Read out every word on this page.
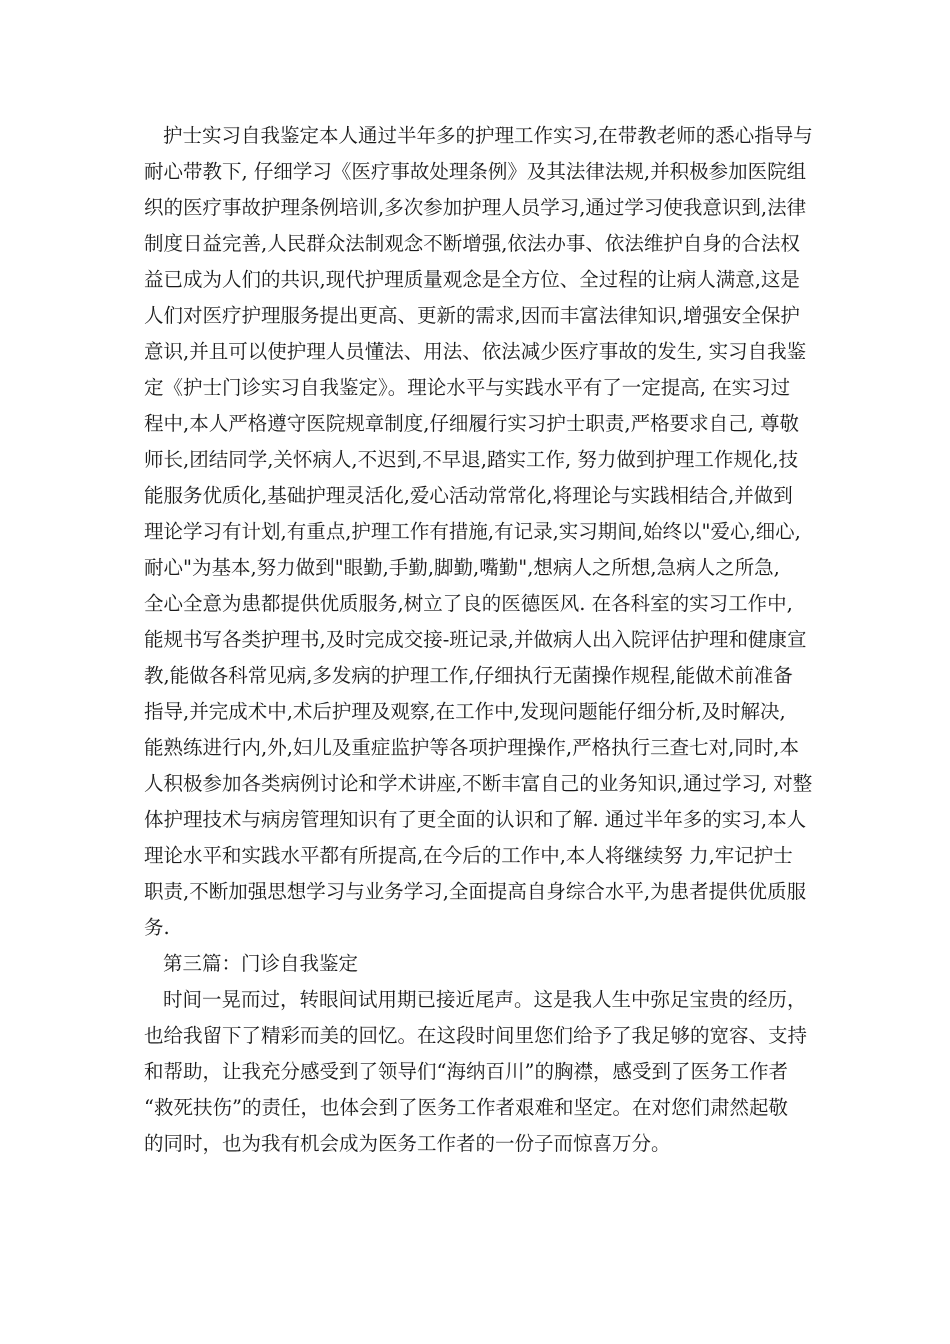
护士实习自我鉴定本人通过半年多的护理工作实习,在带教老师的悉心指导与
耐心带教下, 仔细学习《医疗事故处理条例》及其法律法规,并积极参加医院组
织的医疗事故护理条例培训,多次参加护理人员学习,通过学习使我意识到,法律
制度日益完善,人民群众法制观念不断增强,依法办事、依法维护自身的合法权
益已成为人们的共识,现代护理质量观念是全方位、全过程的让病人满意,这是
人们对医疗护理服务提出更高、更新的需求,因而丰富法律知识,增强安全保护
意识,并且可以使护理人员懂法、用法、依法减少医疗事故的发生, 实习自我鉴
定《护士门诊实习自我鉴定》。理论水平与实践水平有了一定提高, 在实习过
程中,本人严格遵守医院规章制度,仔细履行实习护士职责,严格要求自己, 尊敬
师长,团结同学,关怀病人,不迟到,不早退,踏实工作, 努力做到护理工作规化,技
能服务优质化,基础护理灵活化,爱心活动常常化,将理论与实践相结合,并做到
理论学习有计划,有重点,护理工作有措施,有记录,实习期间,始终以"爱心,细心,
耐心"为基本,努力做到"眼勤,手勤,脚勤,嘴勤",想病人之所想,急病人之所急,
全心全意为患都提供优质服务,树立了良的医德医风. 在各科室的实习工作中,
能规书写各类护理书,及时完成交接-班记录,并做病人出入院评估护理和健康宣
教,能做各科常见病,多发病的护理工作,仔细执行无菌操作规程,能做术前准备
指导,并完成术中,术后护理及观察,在工作中,发现问题能仔细分析,及时解决,
能熟练进行内,外,妇儿及重症监护等各项护理操作,严格执行三查七对,同时,本
人积极参加各类病例讨论和学术讲座,不断丰富自己的业务知识,通过学习, 对整
体护理技术与病房管理知识有了更全面的认识和了解. 通过半年多的实习,本人
理论水平和实践水平都有所提高,在今后的工作中,本人将继续努 力,牢记护士
职责,不断加强思想学习与业务学习,全面提高自身综合水平,为患者提供优质服
务.
第三篇：门诊自我鉴定
时间一晃而过，转眼间试用期已接近尾声。这是我人生中弥足宝贵的经历，
也给我留下了精彩而美的回忆。在这段时间里您们给予了我足够的宽容、支持
和帮助，让我充分感受到了领导们“海纳百川”的胸襟，感受到了医务工作者
“救死扶伤”的责任，也体会到了医务工作者艰难和坚定。在对您们肃然起敬
的同时，也为我有机会成为医务工作者的一份子而惊喜万分。
